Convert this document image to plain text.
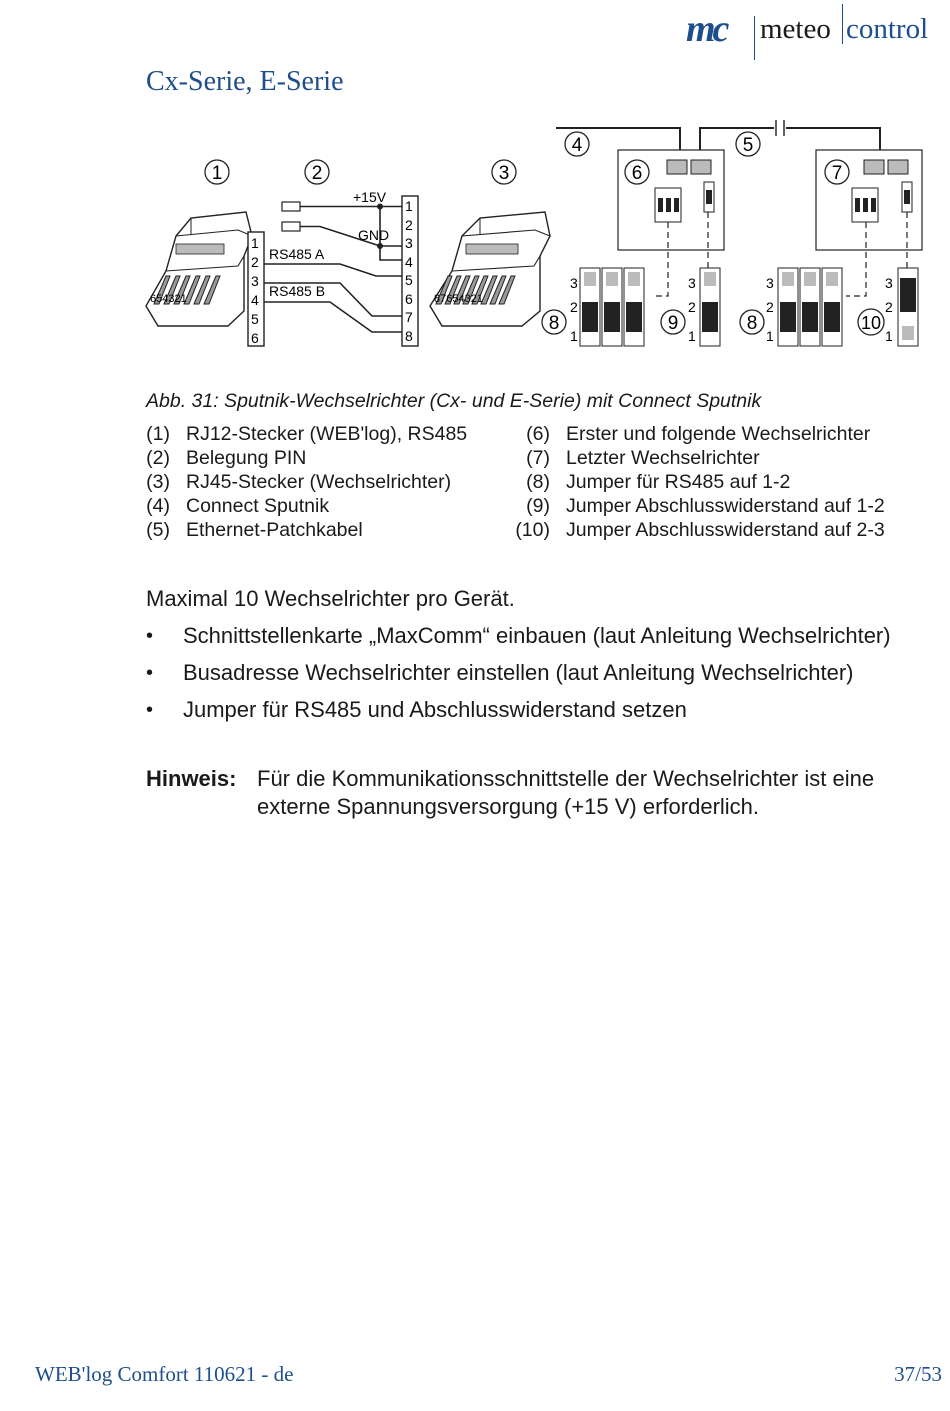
mc meteo control
Cx-Serie, E-Serie
1	2	3
654321
1
2
3
4
5
6
1
2
3
4
5
6
7
8
+15V
GND
RS485 A
RS485 B	87654321
4	5
6	7
3
2
1
8
3
2
1
9
3
2
1
8
3
2
1
10
Abb. 31: Sputnik-Wechselrichter (Cx- und E-Serie) mit Connect Sputnik
(1) RJ12-Stecker (WEB'log), RS485	(6) Erster und folgende Wechselrichter
(2) Belegung PIN	(7) Letzter Wechselrichter
(3) RJ45-Stecker (Wechselrichter)	(8) Jumper für RS485 auf 1-2
(4) Connect Sputnik	(9) Jumper Abschlusswiderstand auf 1-2
(5) Ethernet-Patchkabel	(10) Jumper Abschlusswiderstand auf 2-3
Maximal 10 Wechselrichter pro Gerät.
• Schnittstellenkarte „MaxComm“ einbauen (laut Anleitung Wechselrichter)
• Busadresse Wechselrichter einstellen (laut Anleitung Wechselrichter)
• Jumper für RS485 und Abschlusswiderstand setzen
Hinweis: Für die Kommunikationsschnittstelle der Wechselrichter ist eine
externe Spannungsversorgung (+15 V) erforderlich.
WEB'log Comfort 110621 - de	37/53
